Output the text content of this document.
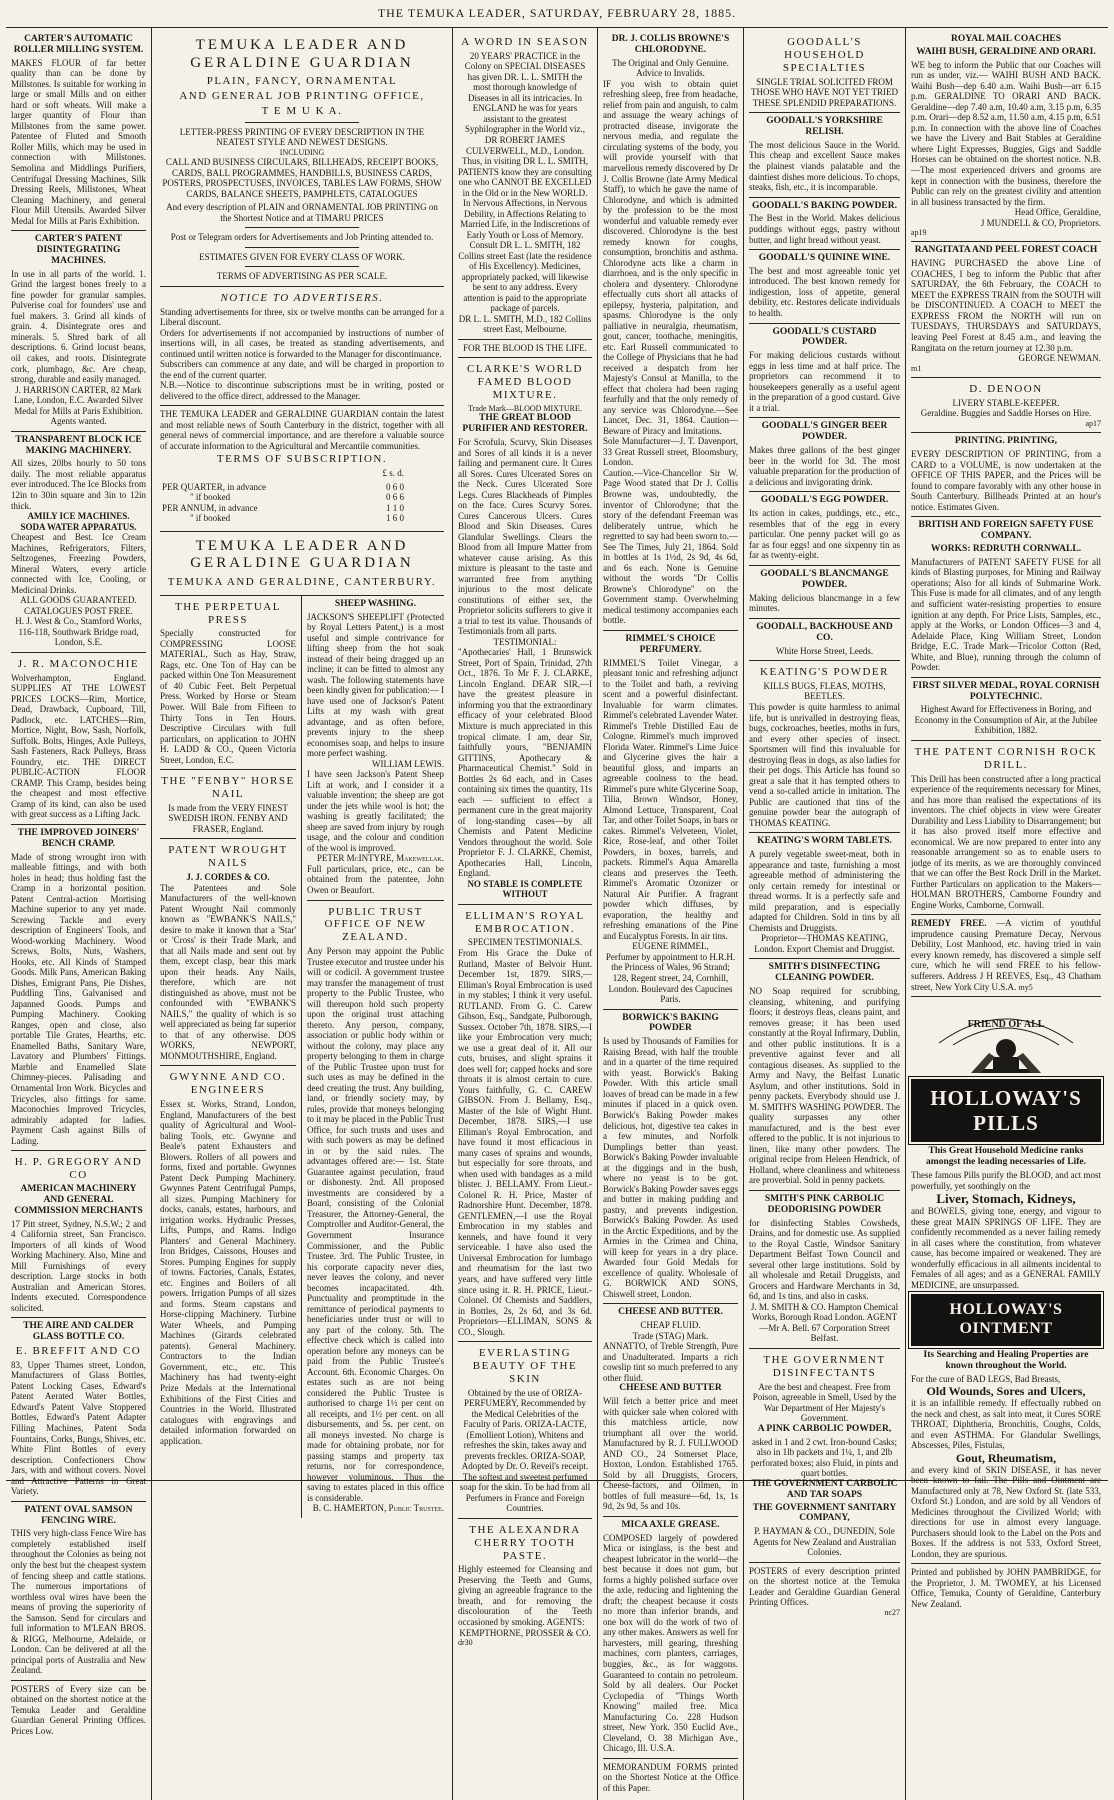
THE TEMUKA LEADER, SATURDAY, FEBRUARY 28, 1885.
CARTER'S AUTOMATIC ROLLER MILLING SYSTEM.
MAKES FLOUR of far better quality than can be done by Millstones. Is suitable for working in large or small Mills and on either hard or soft wheats. Will make a larger quantity of Flour than Millstones from the same power. Patentee of Fluted and Smooth Roller Mills, which may be used in connection with Millstones. Semolina and Middlings Purifiers, Centrifugal Dressing Machines, Silk Dressing Reels, Millstones, Wheat Cleaning Machinery, and general Flour Mill Utensils. Awarded Silver Medal for Mills at Paris Exhibition.
CARTER'S PATENT DISINTEGRATING MACHINES.
In use in all parts of the world. 1. Grind the largest bones freely to a fine powder for granular samples. Pulverise coal for founders' use and fuel makers. 3. Grind all kinds of grain. 4. Disintegrate ores and minerals. 5. Shred bark of all descriptions. 6. Grind locust beans, oil cakes, and roots. Disintegrate cork, plumbago, &c. Are cheap, strong, durable and easily managed.
J. HARRISON CARTER, 82 Mark Lane, London, E.C. Awarded Silver Medal for Mills at Paris Exhibition. Agents wanted.
TRANSPARENT BLOCK ICE MAKING MACHINERY.
All sizes, 20lbs hourly to 50 tons daily. The most reliable apparatus ever introduced. The Ice Blocks from 12in to 30in square and 3in to 12in thick.
AMILY ICE MACHINES.
SODA WATER APPARATUS.
Cheapest and Best. Ice Cream Machines, Refrigerators, Filters, Seltzogenes, Freezing Powders, Mineral Waters, every article connected with Ice, Cooling, or Medicinal Drinks.
ALL GOODS GUARANTEED.
CATALOGUES POST FREE.
H. J. West & Co., Stamford Works, 116-118, Southwark Bridge road, London, S.E.
J. R. MACONOCHIE
Wolverhampton, England. SUPPLIES AT THE LOWEST PRICES LOCKS—Rim, Mortice, Dead, Drawback, Cupboard, Till, Padlock, etc. LATCHES—Rim, Mortice, Night, Bow, Sash, Norfolk, Suffolk. Bolts, Hinges, Axle Pulleys, Sash Fasteners, Rack Pulleys, Brass Foundry, etc. THE DIRECT PUBLIC-ACTION FLOOR CRAMP. This Cramp, besides being the cheapest and most effective Cramp of its kind, can also be used with great success as a Lifting Jack.
THE IMPROVED JOINERS' BENCH CRAMP.
Made of strong wrought iron with malleable fittings, and with both holes in head; thus holding fast the Cramp in a horizontal position. Patent Central-action Mortising Machine superior to any yet made. Screwing Tackle and every description of Engineers' Tools, and Wood-working Machinery. Wood Screws, Bolts, Nuts, Washers, Hooks, etc. All Kinds of Stamped Goods. Milk Pans, American Baking Dishes, Emigrant Pans, Pie Dishes, Puddling Tins, Galvanised and Japanned Goods. Pumps and Pumping Machinery. Cooking Ranges, open and close, also portable Tile Grates, Hearths, etc. Enamelled Baths, Sanitary Ware, Lavatory and Plumbers' Fittings. Marble and Enamelled Slate Chimney-pieces. Palisading and Ornamental Iron Work. Bicycles and Tricycles, also fittings for same. Maconochies Improved Tricycles, admirably adapted for ladies. Payment Cash against Bills of Lading.
H. P. GREGORY AND CO
AMERICAN MACHINERY AND GENERAL COMMISSION MERCHANTS
17 Pitt street, Sydney, N.S.W.; 2 and 4 California street, San Francisco. Importers of all kinds of Wood Working Machinery. Also, Mine and Mill Furnishings of every description. Large stocks in both Australian and American Stores. Indents executed. Correspondence solicited.
THE AIRE AND CALDER GLASS BOTTLE CO.
E. BREFFIT AND CO
83, Upper Thames street, London, Manufacturers of Glass Bottles, Patent Locking Cases, Edward's Patent Aerated Water Bottles, Edward's Patent Valve Stoppered Bottles, Edward's Patent Adapter Filling Machines, Patent Soda Fountains, Corks, Bungs, Shives, etc. White Flint Bottles of every description. Confectioners Chow Jars, with and without covers. Novel and Attractive Patterns in Great Variety.
PATENT OVAL SAMSON FENCING WIRE.
THIS very high-class Fence Wire has completely established itself throughout the Colonies as being not only the best but the cheapest system of fencing sheep and cattle stations. The numerous importations of worthless oval wires have been the means of proving the superiority of the Samson. Send for circulars and full information to M'LEAN BROS. & RIGG, Melbourne, Adelaide, or London. Can be delivered at all the principal ports of Australia and New Zealand.
POSTERS of Every size can be obtained on the shortest notice at the Temuka Leader and Geraldine Guardian General Printing Offices. Prices Low.
TEMUKA LEADER AND GERALDINE GUARDIAN
PLAIN, FANCY, ORNAMENTAL
AND GENERAL JOB PRINTING OFFICE,
T E M U K A.
LETTER-PRESS PRINTING OF EVERY DESCRIPTION IN THE NEATEST STYLE AND NEWEST DESIGNS.
INCLUDING
CALL AND BUSINESS CIRCULARS, BILLHEADS, RECEIPT BOOKS, CARDS, BALL PROGRAMMES, HANDBILLS, BUSINESS CARDS, POSTERS, PROSPECTUSES, INVOICES, TABLES LAW FORMS, SHOW CARDS, BALANCE SHEETS, PAMPHLETS, CATALOGUES
And every description of PLAIN and ORNAMENTAL JOB PRINTING on the Shortest Notice and at TIMARU PRICES
Post or Telegram orders for Advertisements and Job Printing attended to.
ESTIMATES GIVEN FOR EVERY CLASS OF WORK.
TERMS OF ADVERTISING AS PER SCALE.
NOTICE TO ADVERTISERS.
Standing advertisements for three, six or twelve months can be arranged for a Liberal discount.
Orders for advertisements if not accompanied by instructions of number of insertions will, in all cases, be treated as standing advertisements, and continued until written notice is forwarded to the Manager for discontinuance.
Subscribers can commence at any date, and will be charged in proportion to the end of the current quarter.
N.B.—Notice to discontinue subscriptions must be in writing, posted or delivered to the office direct, addressed to the Manager.
THE TEMUKA LEADER and GERALDINE GUARDIAN contain the latest and most reliable news of South Canterbury in the district, together with all general news of commercial importance, and are therefore a valuable source of accurate information to the Agricultural and Mercantile communities.
TERMS OF SUBSCRIPTION.
£ s. d.
PER QUARTER, in advance	0 6 0
" if booked	0 6 6
PER ANNUM, in advance	1 1 0
" if booked	1 6 0
TEMUKA LEADER AND GERALDINE GUARDIAN
TEMUKA AND GERALDINE, CANTERBURY.
THE PERPETUAL PRESS
Specially constructed for COMPRESSING LOOSE MATERIAL, Such as Hay, Straw, Rags, etc. One Ton of Hay can be packed within One Ton Measurement of 40 Cubic Feet. Belt Perpetual Press. Worked by Horse or Steam Power. Will Bale from Fifteen to Thirty Tons in Ten Hours. Descriptive Circulars with full particulars, on application to JOHN H. LADD & CO., Queen Victoria Street, London, E.C.
THE "FENBY" HORSE NAIL
Is made from the VERY FINEST SWEDISH IRON. FENBY AND FRASER, England.
PATENT WROUGHT NAILS
J. J. CORDES & CO.
The Patentees and Sole Manufacturers of the well-known Patent Wrought Nail commonly known as "EWBANK'S NAILS," desire to make it known that a 'Star' or 'Cross' is their Trade Mark, and that all Nails made and sent out by them, except clasp, bear this mark upon their heads. Any Nails, therefore, which are not distinguished as above, must not be confounded with "EWBANK'S NAILS," the quality of which is so well appreciated as being far superior to that of any otherwise. DOS WORKS, NEWPORT, MONMOUTHSHIRE, England.
GWYNNE AND CO. ENGINEERS
Essex st. Works, Strand, London, England, Manufacturers of the best quality of Agricultural and Wool-baling Tools, etc. Gwynne and Beale's patent Exhausters and Blowers. Rollers of all powers and forms, fixed and portable. Gwynnes Patent Deck Pumping Machinery. Gwynnes Patent Centrifugal Pumps, all sizes. Pumping Machinery for docks, canals, estates, harbours, and irrigation works. Hydraulic Presses, Lifts, Pumps, and Rams. Indigo Planters' and General Machinery. Iron Bridges, Caissons, Houses and Stores. Pumping Engines for supply of towns. Factories, Canals, Estates, etc. Engines and Boilers of all powers. Irrigation Pumps of all sizes and forms. Steam capstans and Horse-clipping Machinery. Turbine Water Wheels, and Pumping Machines (Girards celebrated patents). General Machinery. Contractors to the Indian Government, etc., etc. This Machinery has had twenty-eight Prize Medals at the International Exhibitions of the First Cities and Countries in the World. Illustrated catalogues with engravings and detailed information forwarded on application.
SHEEP WASHING.
JACKSON'S SHEEPLIFT (Protected by Royal Letters Patent,) is a most useful and simple contrivance for lifting sheep from the hot soak instead of their being dragged up an incline; it can be fitted to almost any wash. The following statements have been kindly given for publication:— I have used one of Jackson's Patent Lifts at my wash with great advantage, and as often before, prevents injury to the sheep economises soap, and helps to insure more perfect washing.
WILLIAM LEWIS.
I have seen Jackson's Patent Sheep Lift at work, and I consider it a valuable invention; the sheep are got under the jets while wool is hot; the washing is greatly facilitated; the sheep are saved from injury by rough usage, and the colour and condition of the wool is improved.
PETER McINTYRE, Makewellak.
Full particulars, price, etc., can be obtained from the patentee, John Owen or Beaufort.
PUBLIC TRUST OFFICE OF NEW ZEALAND.
Any Person may appoint the Public Trustee executor and trustee under his will or codicil. A government trustee may transfer the management of trust property to the Public Trustee, who will thereupon hold such property upon the original trust attaching thereto. Any person, company, association or public body within or without the colony, may place any property belonging to them in charge of the Public Trustee upon trust for such uses as may be defined in the deed creating the trust. Any building, land, or friendly society may, by rules, provide that moneys belonging to it may be placed in the Public Trust Office, for such trusts and uses and with such powers as may be defined in or by the said rules. The advantages offered are:— 1st. State Guarantee against peculation, fraud or dishonesty. 2nd. All proposed investments are considered by a Board, consisting of the Colonial Treasurer, the Attorney-General, the Comptroller and Auditor-General, the Government Insurance Commissioner, and the Public Trustee. 3rd. The Public Trustee, in his corporate capacity never dies, never leaves the colony, and never becomes incapacitated. 4th. Punctuality and promptitude in the remittance of periodical payments to beneficiaries under trust or will to any part of the colony. 5th. The effective check which is called into operation before any moneys can be paid from the Public Trustee's Account. 6th. Economic Charges. On estates such as are not being considered the Public Trustee is authorised to charge 1½ per cent on all receipts, and 1½ per cent. on all disbursements, and 5s. per cent. on all moneys invested. No charge is made for obtaining probate, nor for passing stamps and property tax returns, nor for correspondence, however voluminous. Thus the saving to estates placed in this office is considerable.
B. C. HAMERTON, Public Trustee.
A WORD IN SEASON
20 YEARS' PRACTICE in the Colony on SPECIAL DISEASES has given DR. L. L. SMITH the most thorough knowledge of Diseases in all its intricacies. In ENGLAND he was for years assistant to the greatest Syphilographer in the World viz., DR ROBERT JAMES CULVERWELL, M.D., London. Thus, in visiting DR L. L. SMITH, PATIENTS know they are consulting one who CANNOT BE EXCELLED in the Old or in the New WORLD. In Nervous Affections, in Nervous Debility, in Affections Relating to Married Life, in the Indiscretions of Early Youth or Loss of Memory. Consult DR L. L. SMITH, 182 Collins street East (late the residence of His Excellency). Medicines, appropriately packed, will likewise be sent to any address. Every attention is paid to the appropriate package of parcels.
DR L. L. SMITH, M.D., 182 Collins street East, Melbourne.
FOR THE BLOOD IS THE LIFE.
CLARKE'S WORLD FAMED BLOOD MIXTURE.
Trade Mark—BLOOD MIXTURE.
THE GREAT BLOOD PURIFIER AND RESTORER.
For Scrofula, Scurvy, Skin Diseases and Sores of all kinds it is a never failing and permanent cure. It Cures all Sores. Cures Ulcerated Sores on the Neck. Cures Ulcerated Sore Legs. Cures Blackheads of Pimples on the face. Cures Scurvy Sores. Cures Cancerous Ulcers. Cures Blood and Skin Diseases. Cures Glandular Swellings. Clears the Blood from all Impure Matter from whatever cause arising. As this mixture is pleasant to the taste and warranted free from anything injurious to the most delicate constitutions of either sex, the Proprietor solicits sufferers to give it a trial to test its value. Thousands of Testimonials from all parts.
TESTIMONIAL:
"Apothecaries' Hall, 1 Brunswick Street, Port of Spain, Trinidad, 27th Oct., 1876. To Mr F. J. CLARKE, Lincoln England. DEAR SIR,—I have the greatest pleasure in informing you that the extraordinary efficacy of your celebrated Blood Mixture is much appreciated in this tropical climate. I am, dear Sir, faithfully yours, "BENJAMIN GITTINS, Apothecary & Pharmaceutical Chemist." Sold in Bottles 2s 6d each, and in Cases containing six times the quantity, 11s each — sufficient to effect a permanent cure in the great majority of long-standing cases—by all Chemists and Patent Medicine Vendors throughout the world. Sole Proprietor F. J. CLARKE, Chemist, Apothecaries Hall, Lincoln, England.
NO STABLE IS COMPLETE WITHOUT
ELLIMAN'S ROYAL EMBROCATION.
SPECIMEN TESTIMONIALS.
From His Grace the Duke of Rutland, Master of Belvoir Hunt. December 1st, 1879. SIRS,—Elliman's Royal Embrocation is used in my stables; I think it very useful. RUTLAND. From G. C. Carew Gibson, Esq., Sandgate, Pulborough, Sussex. October 7th, 1878. SIRS,—I like your Embrocation very much; we use a great deal of it. All our cuts, bruises, and slight sprains it does well for; capped hocks and sore throats it is almost certain to cure. Yours faithfully, G. C. CAREW GIBSON. From J. Bellamy, Esq., Master of the Isle of Wight Hunt. December, 1878. SIRS,—I use Elliman's Royal Embrocation, and have found it most efficacious in many cases of sprains and wounds, but especially for sore throats, and when used with bandages as a mild blister. J. BELLAMY. From Lieut.-Colonel R. H. Price, Master of Radnorshire Hunt. December, 1878. GENTLEMEN,—I use the Royal Embrocation in my stables and kennels, and have found it very serviceable. I have also used the Universal Embrocation for lumbago and rheumatism for the last two years, and have suffered very little since using it. R. H. PRICE, Lieut.-Colonel. Of Chemists and Saddlers, in Bottles, 2s, 2s 6d, and 3s 6d. Proprietors—ELLIMAN, SONS & CO., Slough.
EVERLASTING BEAUTY OF THE SKIN
Obtained by the use of ORIZA-PERFUMERY, Recommended by the Medical Celebrities of the Faculty of Paris. ORIZA-LACTE, (Emollient Lotion), Whitens and refreshes the skin, takes away and prevents freckles. ORIZA-SOAP, Adopted by Dr. O. Reveil's receipt. The softest and sweetest perfumed soap for the skin. To be had from all Perfumers in France and Foreign Countries.
THE ALEXANDRA CHERRY TOOTH PASTE.
Highly esteemed for Cleansing and Preserving the Teeth and Gums, giving an agreeable fragrance to the breath, and for removing the discolouration of the Teeth occasioned by smoking. AGENTS:
KEMPTHORNE, PROSSER & CO.
dr30
DR. J. COLLIS BROWNE'S CHLORODYNE.
The Original and Only Genuine.
Advice to Invalids.
IF you wish to obtain quiet refreshing sleep, free from headache, relief from pain and anguish, to calm and assuage the weary achings of protracted disease, invigorate the nervous media, and regulate the circulating systems of the body, you will provide yourself with that marvellous remedy discovered by Dr J. Collis Browne (late Army Medical Staff), to which he gave the name of Chlorodyne, and which is admitted by the profession to be the most wonderful and valuable remedy ever discovered. Chlorodyne is the best remedy known for coughs, consumption, bronchitis and asthma. Chlorodyne acts like a charm in diarrhoea, and is the only specific in cholera and dysentery. Chlorodyne effectually cuts short all attacks of epilepsy, hysteria, palpitation, and spasms. Chlorodyne is the only palliative in neuralgia, rheumatism, gout, cancer, toothache, meningitis, etc. Earl Russell communicated to the College of Physicians that he had received a despatch from her Majesty's Consul at Manilla, to the effect that cholera had been raging fearfully and that the only remedy of any service was Chlorodyne.—See Lancet, Dec. 31, 1864. Caution—Beware of Piracy and Imitations.
Sole Manufacturer—J. T. Davenport, 33 Great Russell street, Bloomsbury, London.
Caution.—Vice-Chancellor Sir W. Page Wood stated that Dr J. Collis Browne was, undoubtedly, the inventor of Chlorodyne; that the story of the defendant Freeman was deliberately untrue, which he regretted to say had been sworn to.—See The Times, July 21, 1864. Sold in bottles at 1s 1½d, 2s 9d, 4s 6d, and 6s each. None is Genuine without the words "Dr Collis Browne's Chlorodyne" on the Government stamp. Overwhelming medical testimony accompanies each bottle.
RIMMEL'S CHOICE PERFUMERY.
RIMMEL'S Toilet Vinegar, a pleasant tonic and refreshing adjunct to the Toilet and bath, a reviving scent and a powerful disinfectant. Invaluable for warm climates. Rimmel's celebrated Lavender Water. Rimmel's Treble Distilled Eau de Cologne. Rimmel's much improved Florida Water. Rimmel's Lime Juice and Glycerine gives the hair a beautiful gloss, and imparts an agreeable coolness to the head. Rimmel's pure white Glycerine Soap, Tilia, Brown Windsor, Honey, Almond Lettuce, Transparent, Coal Tar, and other Toilet Soaps, in bars or cakes. Rimmel's Velveteen, Violet, Rice, Rose-leaf, and other Toilet Powders, in boxes, barrels, and packets. Rimmel's Aqua Amarella cleans and preserves the Teeth. Rimmel's Aromatic Ozonizer or Natural Air Purifier. A fragrant powder which diffuses, by evaporation, the healthy and refreshing emanations of the Pine and Eucalyptus Forests. In air tins.
EUGENE RIMMEL,
Perfumer by appointment to H.R.H. the Princess of Wales, 96 Strand; 128, Regent street, 24, Cornhill, London. Boulevard des Capucines Paris.
BORWICK'S BAKING POWDER
Is used by Thousands of Families for Raising Bread, with half the trouble and in a quarter of the time required with yeast. Borwick's Baking Powder. With this article small loaves of bread can be made in a few minutes if placed in a quick oven. Borwick's Baking Powder makes delicious, hot, digestive tea cakes in a few minutes, and Norfolk Dumplings better than yeast. Borwick's Baking Powder invaluable at the diggings and in the bush, where no yeast is to be got. Borwick's Baking Powder saves eggs and butter in making pudding and pastry, and prevents indigestion. Borwick's Baking Powder. As used in the Arctic Expeditions, and by the Armies in the Crimea and China, will keep for years in a dry place. Awarded four Gold Medals for excellence of quality. Wholesale of G. BORWICK AND SONS, Chiswell street, London.
CHEESE AND BUTTER.
CHEAP FLUID.
Trade (STAG) Mark.
ANNATTO, of Treble Strength, Pure and Unadulterated. Imparts a rich cowslip tint so much preferred to any other fluid.
CHEESE AND BUTTER
Will fetch a better price and meet with quicker sale when colored with this matchless article, now triumphant all over the world. Manufactured by R. J. FULLWOOD AND CO., 24 Somerset Place, Hoxton, London. Established 1765. Sold by all Druggists, Grocers, Cheese-factors, and Oilmen, in bottles of full measure—6d, 1s, 1s 9d, 2s 9d, 5s and 10s.
MICA AXLE GREASE.
COMPOSED largely of powdered Mica or isinglass, is the best and cheapest lubricator in the world—the best because it does not gum, but forms a highly polished surface over the axle, reducing and lightening the draft; the cheapest because it costs no more than inferior brands, and one box will do the work of two of any other makes. Answers as well for harvesters, mill gearing, threshing machines, corn planters, carriages, buggies, &c., as for waggons. Guaranteed to contain no petroleum. Sold by all dealers. Our Pocket Cyclopedia of "Things Worth Knowing" mailed free. Mica Manufacturing Co. 228 Hudson street, New York. 350 Euclid Ave., Cleveland, O. 38 Michigan Ave., Chicago, Ill. U.S.A.
MEMORANDUM FORMS printed on the Shortest Notice at the Office of this Paper.
GOODALL'S HOUSEHOLD SPECIALTIES
SINGLE TRIAL SOLICITED FROM THOSE WHO HAVE NOT YET TRIED THESE SPLENDID PREPARATIONS.
GOODALL'S YORKSHIRE RELISH.
The most delicious Sauce in the World. This cheap and excellent Sauce makes the plainest viands palatable and the daintiest dishes more delicious. To chops, steaks, fish, etc., it is incomparable.
GOODALL'S BAKING POWDER.
The Best in the World. Makes delicious puddings without eggs, pastry without butter, and light bread without yeast.
GOODALL'S QUININE WINE.
The best and most agreeable tonic yet introduced. The best known remedy for indigestion, loss of appetite, general debility, etc. Restores delicate individuals to health.
GOODALL'S CUSTARD POWDER.
For making delicious custards without eggs in less time and at half price. The proprietors can recommend it to housekeepers generally as a useful agent in the preparation of a good custard. Give it a trial.
GOODALL'S GINGER BEER POWDER.
Makes three gallons of the best ginger beer in the world for 3d. The most valuable preparation for the production of a delicious and invigorating drink.
GOODALL'S EGG POWDER.
Its action in cakes, puddings, etc., etc., resembles that of the egg in every particular. One penny packet will go as far as four eggs! and one sixpenny tin as far as twenty-eight.
GOODALL'S BLANCMANGE POWDER.
Making delicious blancmange in a few minutes.
GOODALL, BACKHOUSE AND CO.
White Horse Street, Leeds.
KEATING'S POWDER
KILLS BUGS, FLEAS, MOTHS, BEETLES.
This powder is quite harmless to animal life, but is unrivalled in destroying fleas, bugs, cockroaches, beetles, moths in furs, and every other species of insect. Sportsmen will find this invaluable for destroying fleas in dogs, as also ladies for their pet dogs. This Article has found so great a sale that it has tempted others to vend a so-called article in imitation. The Public are cautioned that tins of the genuine powder bear the autograph of THOMAS KEATING.
KEATING'S WORM TABLETS.
A purely vegetable sweet-meat, both in appearance and taste, furnishing a most agreeable method of administering the only certain remedy for intestinal or thread worms. It is a perfectly safe and mild preparation, and is especially adapted for Children. Sold in tins by all Chemists and Druggists.
Proprietor—THOMAS KEATING, London. Export Chemist and Druggist.
SMITH'S DISINFECTING CLEANING POWDER.
NO Soap required for scrubbing, cleansing, whitening, and purifying floors; it destroys fleas, cleans paint, and removes grease; it has been used constantly at the Royal Infirmary, Dublin, and other public institutions. It is a preventive against fever and all contagious diseases. As supplied to the Army and Navy, the Belfast Lunatic Asylum, and other institutions. Sold in penny packets. Everybody should use J. M. SMITH'S WASHING POWDER. The quality surpasses any other manufactured, and is the best ever offered to the public. It is not injurious to linen, like many other powders. The original recipe from Heleen Hendrick, of Holland, where cleanliness and whiteness are proverbial. Sold in penny packets.
SMITH'S PINK CARBOLIC DEODORISING POWDER
for disinfecting Stables Cowsheds, Drains, and for domestic use. As supplied to the Royal Castle, Windsor Sanitary Department Belfast Town Council and several other large institutions. Sold by all wholesale and Retail Druggists, and Grocers and Hardware Merchants in 3d, 6d, and 1s tins, and also in casks.
J. M. SMITH & CO. Hampton Chemical Works, Borough Road London. AGENT—Mr A. Bell. 67 Corporation Street Belfast.
THE GOVERNMENT DISINFECTANTS
Are the best and cheapest. Free from Poison, agreeable in Smell, Used by the War Department of Her Majesty's Government.
A PINK CARBOLIC POWDER,
asked in 1 and 2 cwt. Iron-bound Casks; also in 1lb packets and 1¼, 1, and 2lb perforated boxes; also Fluid, in pints and quart bottles.
THE GOVERNMENT CARBOLIC AND TAR SOAPS
THE GOVERNMENT SANITARY COMPANY,
P. HAYMAN & CO., DUNEDIN, Sole Agents for New Zealand and Australian Colonies.
POSTERS of every description printed on the shortest notice at the Temuka Leader and Geraldine Guardian General Printing Offices.
nc27
ROYAL MAIL COACHES
WAIHI BUSH, GERALDINE AND ORARI.
WE beg to inform the Public that our Coaches will run as under, viz.— WAIHI BUSH AND BACK. Waihi Bush—dep 6.40 a.m. Waihi Bush—arr 6.15 p.m. GERALDINE TO ORARI AND BACK. Geraldine—dep 7.40 a.m, 10.40 a.m, 3.15 p.m, 6.35 p.m. Orari—dep 8.52 a.m, 11.50 a.m, 4.15 p.m, 6.51 p.m. In connection with the above line of Coaches we have the Livery and Bait Stables at Geraldine where Light Expresses, Buggies, Gigs and Saddle Horses can be obtained on the shortest notice. N.B.—The most experienced drivers and grooms are kept in connection with the business, therefore the Public can rely on the greatest civility and attention in all business transacted by the firm.
Head Office, Geraldine,
J MUNDELL & CO, Proprietors.
ap19
RANGITATA AND PEEL FOREST COACH
HAVING PURCHASED the above Line of COACHES, I beg to inform the Public that after SATURDAY, the 6th February, the COACH to MEET the EXPRESS TRAIN from the SOUTH will be DISCONTINUED. A COACH to MEET the EXPRESS FROM the NORTH will run on TUESDAYS, THURSDAYS and SATURDAYS, leaving Peel Forest at 8.45 a.m., and leaving the Rangitata on the return journey at 12.30 p.m.
GEORGE NEWMAN.
m1
D. DENOON
LIVERY STABLE-KEEPER.
Geraldine. Buggies and Saddle Horses on Hire.
ap17
PRINTING. PRINTING,
EVERY DESCRIPTION OF PRINTING, from a CARD to a VOLUME, is now undertaken at the OFFICE OF THIS PAPER, and the Prices will be found to compare favorably with any other house in South Canterbury. Billheads Printed at an hour's notice. Estimates Given.
BRITISH AND FOREIGN SAFETY FUSE COMPANY.
WORKS: REDRUTH CORNWALL.
Manufacturers of PATENT SAFETY FUSE for all kinds of Blasting purposes, for Mining and Railway operations; Also for all kinds of Submarine Work. This Fuse is made for all climates, and of any length and sufficient water-resisting properties to ensure ignition at any depth. For Price Lists, Samples, etc., apply at the Works, or London Offices—3 and 4, Adelaide Place, King William Street, London Bridge, E.C. Trade Mark—Tricolor Cotton (Red, White, and Blue), running through the column of Powder.
FIRST SILVER MEDAL, ROYAL CORNISH POLYTECHNIC.
Highest Award for Effectiveness in Boring, and Economy in the Consumption of Air, at the Jubilee Exhibition, 1882.
THE PATENT CORNISH ROCK DRILL.
This Drill has been constructed after a long practical experience of the requirements necessary for Mines, and has more than realised the expectations of its inventors. The chief objects in view were Greater Durability and Less Liability to Disarrangement; but it has also proved itself more effective and economical. We are now prepared to enter into any reasonable arrangement so as to enable users to judge of its merits, as we are thoroughly convinced that we can offer the Best Rock Drill in the Market. Further Particulars on application to the Makers—HOLMAN BROTHERS, Camborne Foundry and Engine Works, Camborne, Cornwall.
REMEDY FREE. —A victim of youthful imprudence causing Premature Decay, Nervous Debility, Lost Manhood, etc. having tried in vain every known remedy, has discovered a simple self cure, which he will send FREE to his fellow-sufferers. Address J H REEVES, Esq., 43 Chatham street, New York City U.S.A. my5
FRIEND OF ALL
HOLLOWAY'S PILLS
This Great Household Medicine ranks amongst the leading necessaries of Life.
These famous Pills purify the BLOOD, and act most powerfully, yet soothingly on the
Liver, Stomach, Kidneys,
and BOWELS, giving tone, energy, and vigour to these great MAIN SPRINGS OF LIFE. They are confidently recommended as a never failing remedy in all cases where the constitution, from whatever cause, has become impaired or weakened. They are wonderfully efficacious in all ailments incidental to Females of all ages; and as a GENERAL FAMILY MEDICINE, are unsurpassed.
HOLLOWAY'S OINTMENT
Its Searching and Healing Properties are known throughout the World.
For the cure of BAD LEGS, Bad Breasts,
Old Wounds, Sores and Ulcers,
it is an infallible remedy. If effectually rubbed on the neck and chest, as salt into meat, it Cures SORE THROAT, Diphtheria, Bronchitis, Coughs, Colds, and even ASTHMA. For Glandular Swellings, Abscesses, Piles, Fistulas,
Gout, Rheumatism,
and every kind of SKIN DISEASE, it has never been known to fail. The Pills and Ointment are Manufactured only at 78, New Oxford St. (late 533, Oxford St.) London, and are sold by all Vendors of Medicines throughout the Civilized World; with directions for use in almost every language. Purchasers should look to the Label on the Pots and Boxes. If the address is not 533, Oxford Street, London, they are spurious.
Printed and published by JOHN PAMBRIDGE, for the Proprietor, J. M. TWOMEY, at his Licensed Office, Temuka, County of Geraldine, Canterbury New Zealand.
